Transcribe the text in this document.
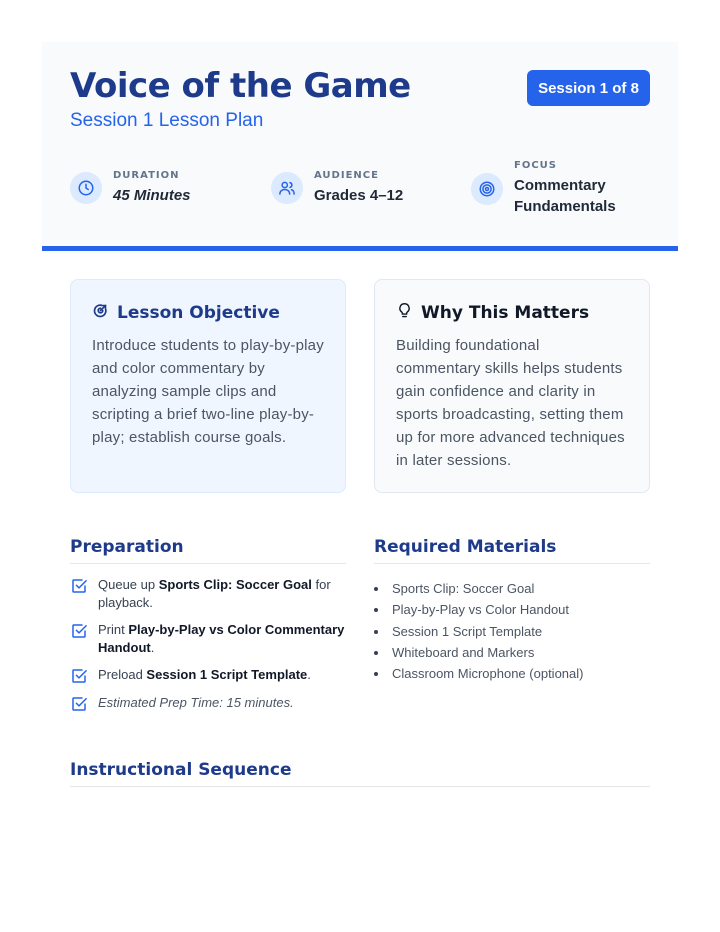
Voice of the Game
Session 1 Lesson Plan
Session 1 of 8
DURATION
45 Minutes
AUDIENCE
Grades 4–12
FOCUS
Commentary
Fundamentals
Lesson Objective

Introduce students to play-by-play and color commentary by analyzing sample clips and scripting a brief two-line play-by-play; establish course goals.

Why This Matters

Building foundational commentary skills helps students gain confidence and clarity in sports broadcasting, setting them up for more advanced techniques in later sessions.

Preparation
Queue up Sports Clip: Soccer Goal for playback.
Print Play-by-Play vs Color Commentary Handout.
Preload Session 1 Script Template.
Estimated Prep Time: 15 minutes.
Required Materials
Sports Clip: Soccer Goal
Play-by-Play vs Color Handout
Session 1 Script Template
Whiteboard and Markers
Classroom Microphone (optional)
Instructional Sequence
